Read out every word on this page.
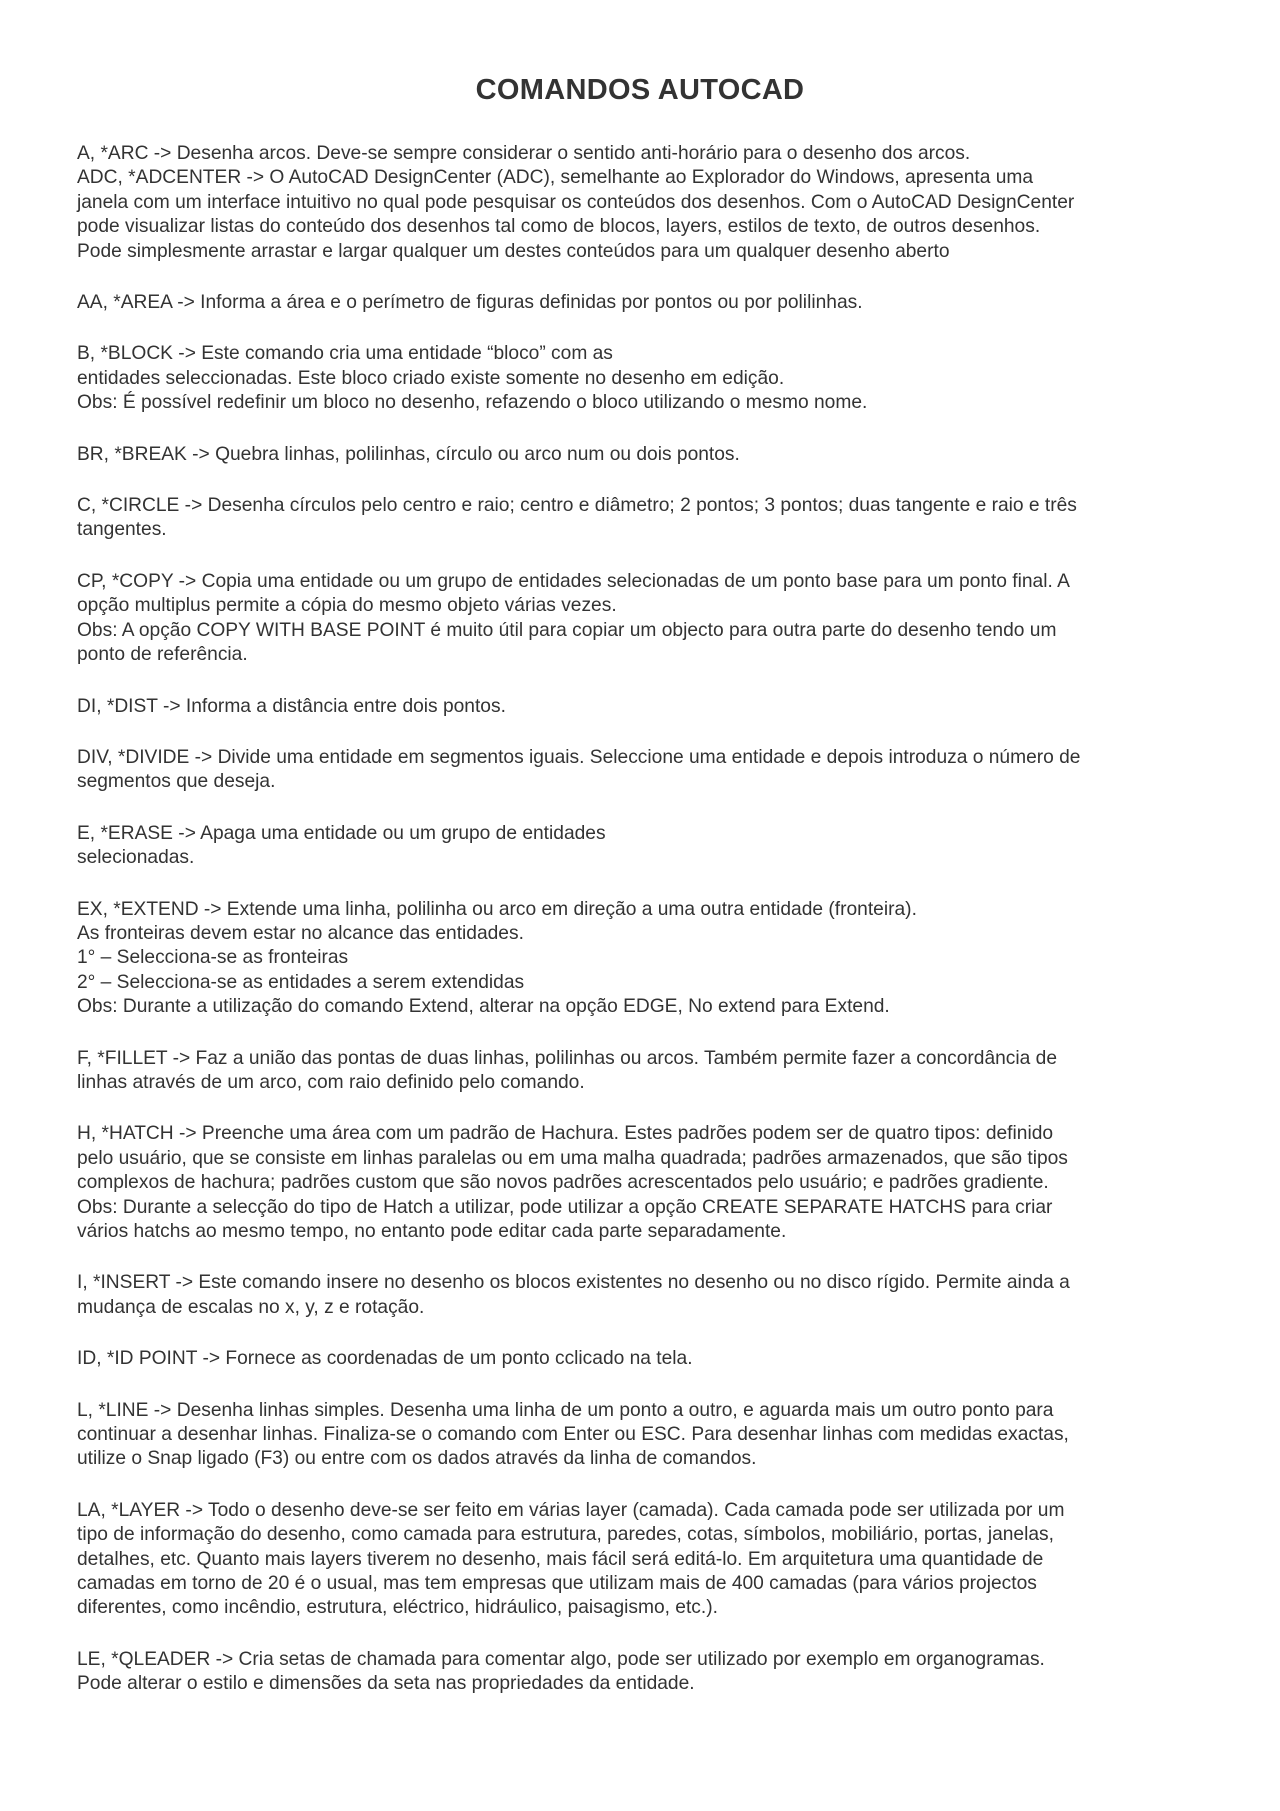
COMANDOS AUTOCAD
A, *ARC -> Desenha arcos. Deve-se sempre considerar o sentido anti-horário para o desenho dos arcos.
ADC, *ADCENTER -> O AutoCAD DesignCenter (ADC), semelhante ao Explorador do Windows, apresenta uma
janela com um interface intuitivo no qual pode pesquisar os conteúdos dos desenhos. Com o AutoCAD DesignCenter
pode visualizar listas do conteúdo dos desenhos tal como de blocos, layers, estilos de texto, de outros desenhos.
Pode simplesmente arrastar e largar qualquer um destes conteúdos para um qualquer desenho aberto
AA, *AREA -> Informa a área e o perímetro de figuras definidas por pontos ou por polilinhas.
B, *BLOCK -> Este comando cria uma entidade “bloco” com as
entidades seleccionadas. Este bloco criado existe somente no desenho em edição.
Obs: É possível redefinir um bloco no desenho, refazendo o bloco utilizando o mesmo nome.
BR, *BREAK -> Quebra linhas, polilinhas, círculo ou arco num ou dois pontos.
C, *CIRCLE -> Desenha círculos pelo centro e raio; centro e diâmetro; 2 pontos; 3 pontos; duas tangente e raio e três
tangentes.
CP, *COPY -> Copia uma entidade ou um grupo de entidades selecionadas de um ponto base para um ponto final. A
opção multiplus permite a cópia do mesmo objeto várias vezes.
Obs: A opção COPY WITH BASE POINT é muito útil para copiar um objecto para outra parte do desenho tendo um
ponto de referência.
DI, *DIST -> Informa a distância entre dois pontos.
DIV, *DIVIDE -> Divide uma entidade em segmentos iguais. Seleccione uma entidade e depois introduza o número de
segmentos que deseja.
E, *ERASE -> Apaga uma entidade ou um grupo de entidades
selecionadas.
EX, *EXTEND -> Extende uma linha, polilinha ou arco em direção a uma outra entidade (fronteira).
As fronteiras devem estar no alcance das entidades.
1° – Selecciona-se as fronteiras
2° – Selecciona-se as entidades a serem extendidas
Obs: Durante a utilização do comando Extend, alterar na opção EDGE, No extend para Extend.
F, *FILLET -> Faz a união das pontas de duas linhas, polilinhas ou arcos. Também permite fazer a concordância de
linhas através de um arco, com raio definido pelo comando.
H, *HATCH -> Preenche uma área com um padrão de Hachura. Estes padrões podem ser de quatro tipos: definido
pelo usuário, que se consiste em linhas paralelas ou em uma malha quadrada; padrões armazenados, que são tipos
complexos de hachura; padrões custom que são novos padrões acrescentados pelo usuário; e padrões gradiente.
Obs: Durante a selecção do tipo de Hatch a utilizar, pode utilizar a opção CREATE SEPARATE HATCHS para criar
vários hatchs ao mesmo tempo, no entanto pode editar cada parte separadamente.
I, *INSERT -> Este comando insere no desenho os blocos existentes no desenho ou no disco rígido. Permite ainda a
mudança de escalas no x, y, z e rotação.
ID, *ID POINT -> Fornece as coordenadas de um ponto cclicado na tela.
L, *LINE -> Desenha linhas simples. Desenha uma linha de um ponto a outro, e aguarda mais um outro ponto para
continuar a desenhar linhas. Finaliza-se o comando com Enter ou ESC. Para desenhar linhas com medidas exactas,
utilize o Snap ligado (F3) ou entre com os dados através da linha de comandos.
LA, *LAYER -> Todo o desenho deve-se ser feito em várias layer (camada). Cada camada pode ser utilizada por um
tipo de informação do desenho, como camada para estrutura, paredes, cotas, símbolos, mobiliário, portas, janelas,
detalhes, etc. Quanto mais layers tiverem no desenho, mais fácil será editá-lo. Em arquitetura uma quantidade de
camadas em torno de 20 é o usual, mas tem empresas que utilizam mais de 400 camadas (para vários projectos
diferentes, como incêndio, estrutura, eléctrico, hidráulico, paisagismo, etc.).
LE, *QLEADER -> Cria setas de chamada para comentar algo, pode ser utilizado por exemplo em organogramas.
Pode alterar o estilo e dimensões da seta nas propriedades da entidade.
